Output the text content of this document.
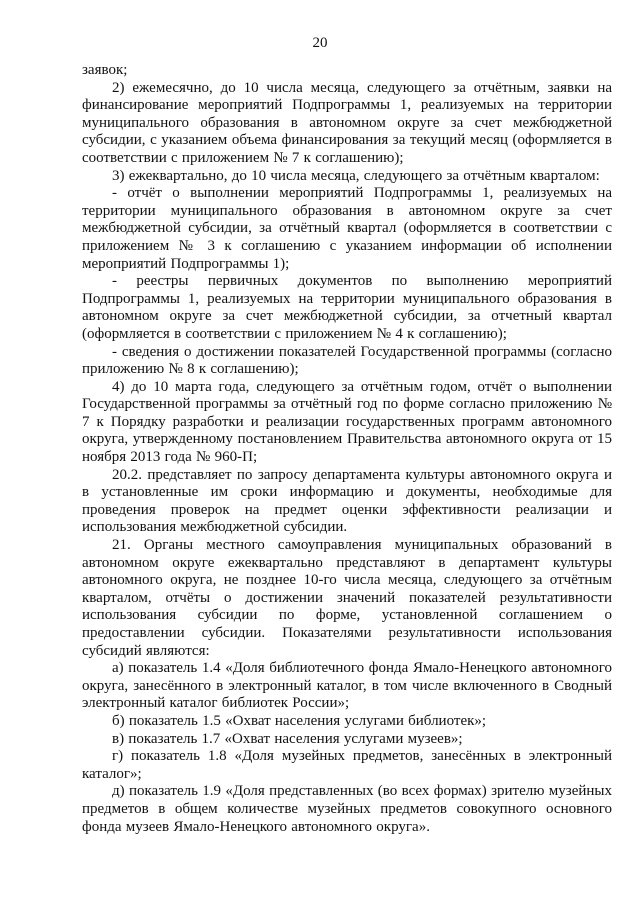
20

заявок;

2) ежемесячно, до 10 числа месяца, следующего за отчётным, заявки на финансирование мероприятий Подпрограммы 1, реализуемых на территории муниципального образования в автономном округе за счет межбюджетной субсидии, с указанием объема финансирования за текущий месяц (оформляется в соответствии с приложением № 7 к соглашению);

3) ежеквартально, до 10 числа месяца, следующего за отчётным кварталом:

- отчёт о выполнении мероприятий Подпрограммы 1, реализуемых на территории муниципального образования в автономном округе за счет межбюджетной субсидии, за отчётный квартал (оформляется в соответствии с приложением № 3 к соглашению с указанием информации об исполнении мероприятий Подпрограммы 1);

- реестры первичных документов по выполнению мероприятий Подпрограммы 1, реализуемых на территории муниципального образования в автономном округе за счет межбюджетной субсидии, за отчетный квартал (оформляется в соответствии с приложением № 4 к соглашению);

- сведения о достижении показателей Государственной программы (согласно приложению № 8 к соглашению);

4) до 10 марта года, следующего за отчётным годом, отчёт о выполнении Государственной программы за отчётный год по форме согласно приложению № 7 к Порядку разработки и реализации государственных программ автономного округа, утвержденному постановлением Правительства автономного округа от 15 ноября 2013 года № 960-П;

20.2. представляет по запросу департамента культуры автономного округа и в установленные им сроки информацию и документы, необходимые для проведения проверок на предмет оценки эффективности реализации и использования межбюджетной субсидии.

21. Органы местного самоуправления муниципальных образований в автономном округе ежеквартально представляют в департамент культуры автономного округа, не позднее 10-го числа месяца, следующего за отчётным кварталом, отчёты о достижении значений показателей результативности использования субсидии по форме, установленной соглашением о предоставлении субсидии. Показателями результативности использования субсидий являются:

а) показатель 1.4 «Доля библиотечного фонда Ямало-Ненецкого автономного округа, занесённого в электронный каталог, в том числе включенного в Сводный электронный каталог библиотек России»;

б) показатель 1.5 «Охват населения услугами библиотек»;

в) показатель 1.7 «Охват населения услугами музеев»;

г) показатель 1.8 «Доля музейных предметов, занесённых в электронный каталог»;

д) показатель 1.9 «Доля представленных (во всех формах) зрителю музейных предметов в общем количестве музейных предметов совокупного основного фонда музеев Ямало-Ненецкого автономного округа».
